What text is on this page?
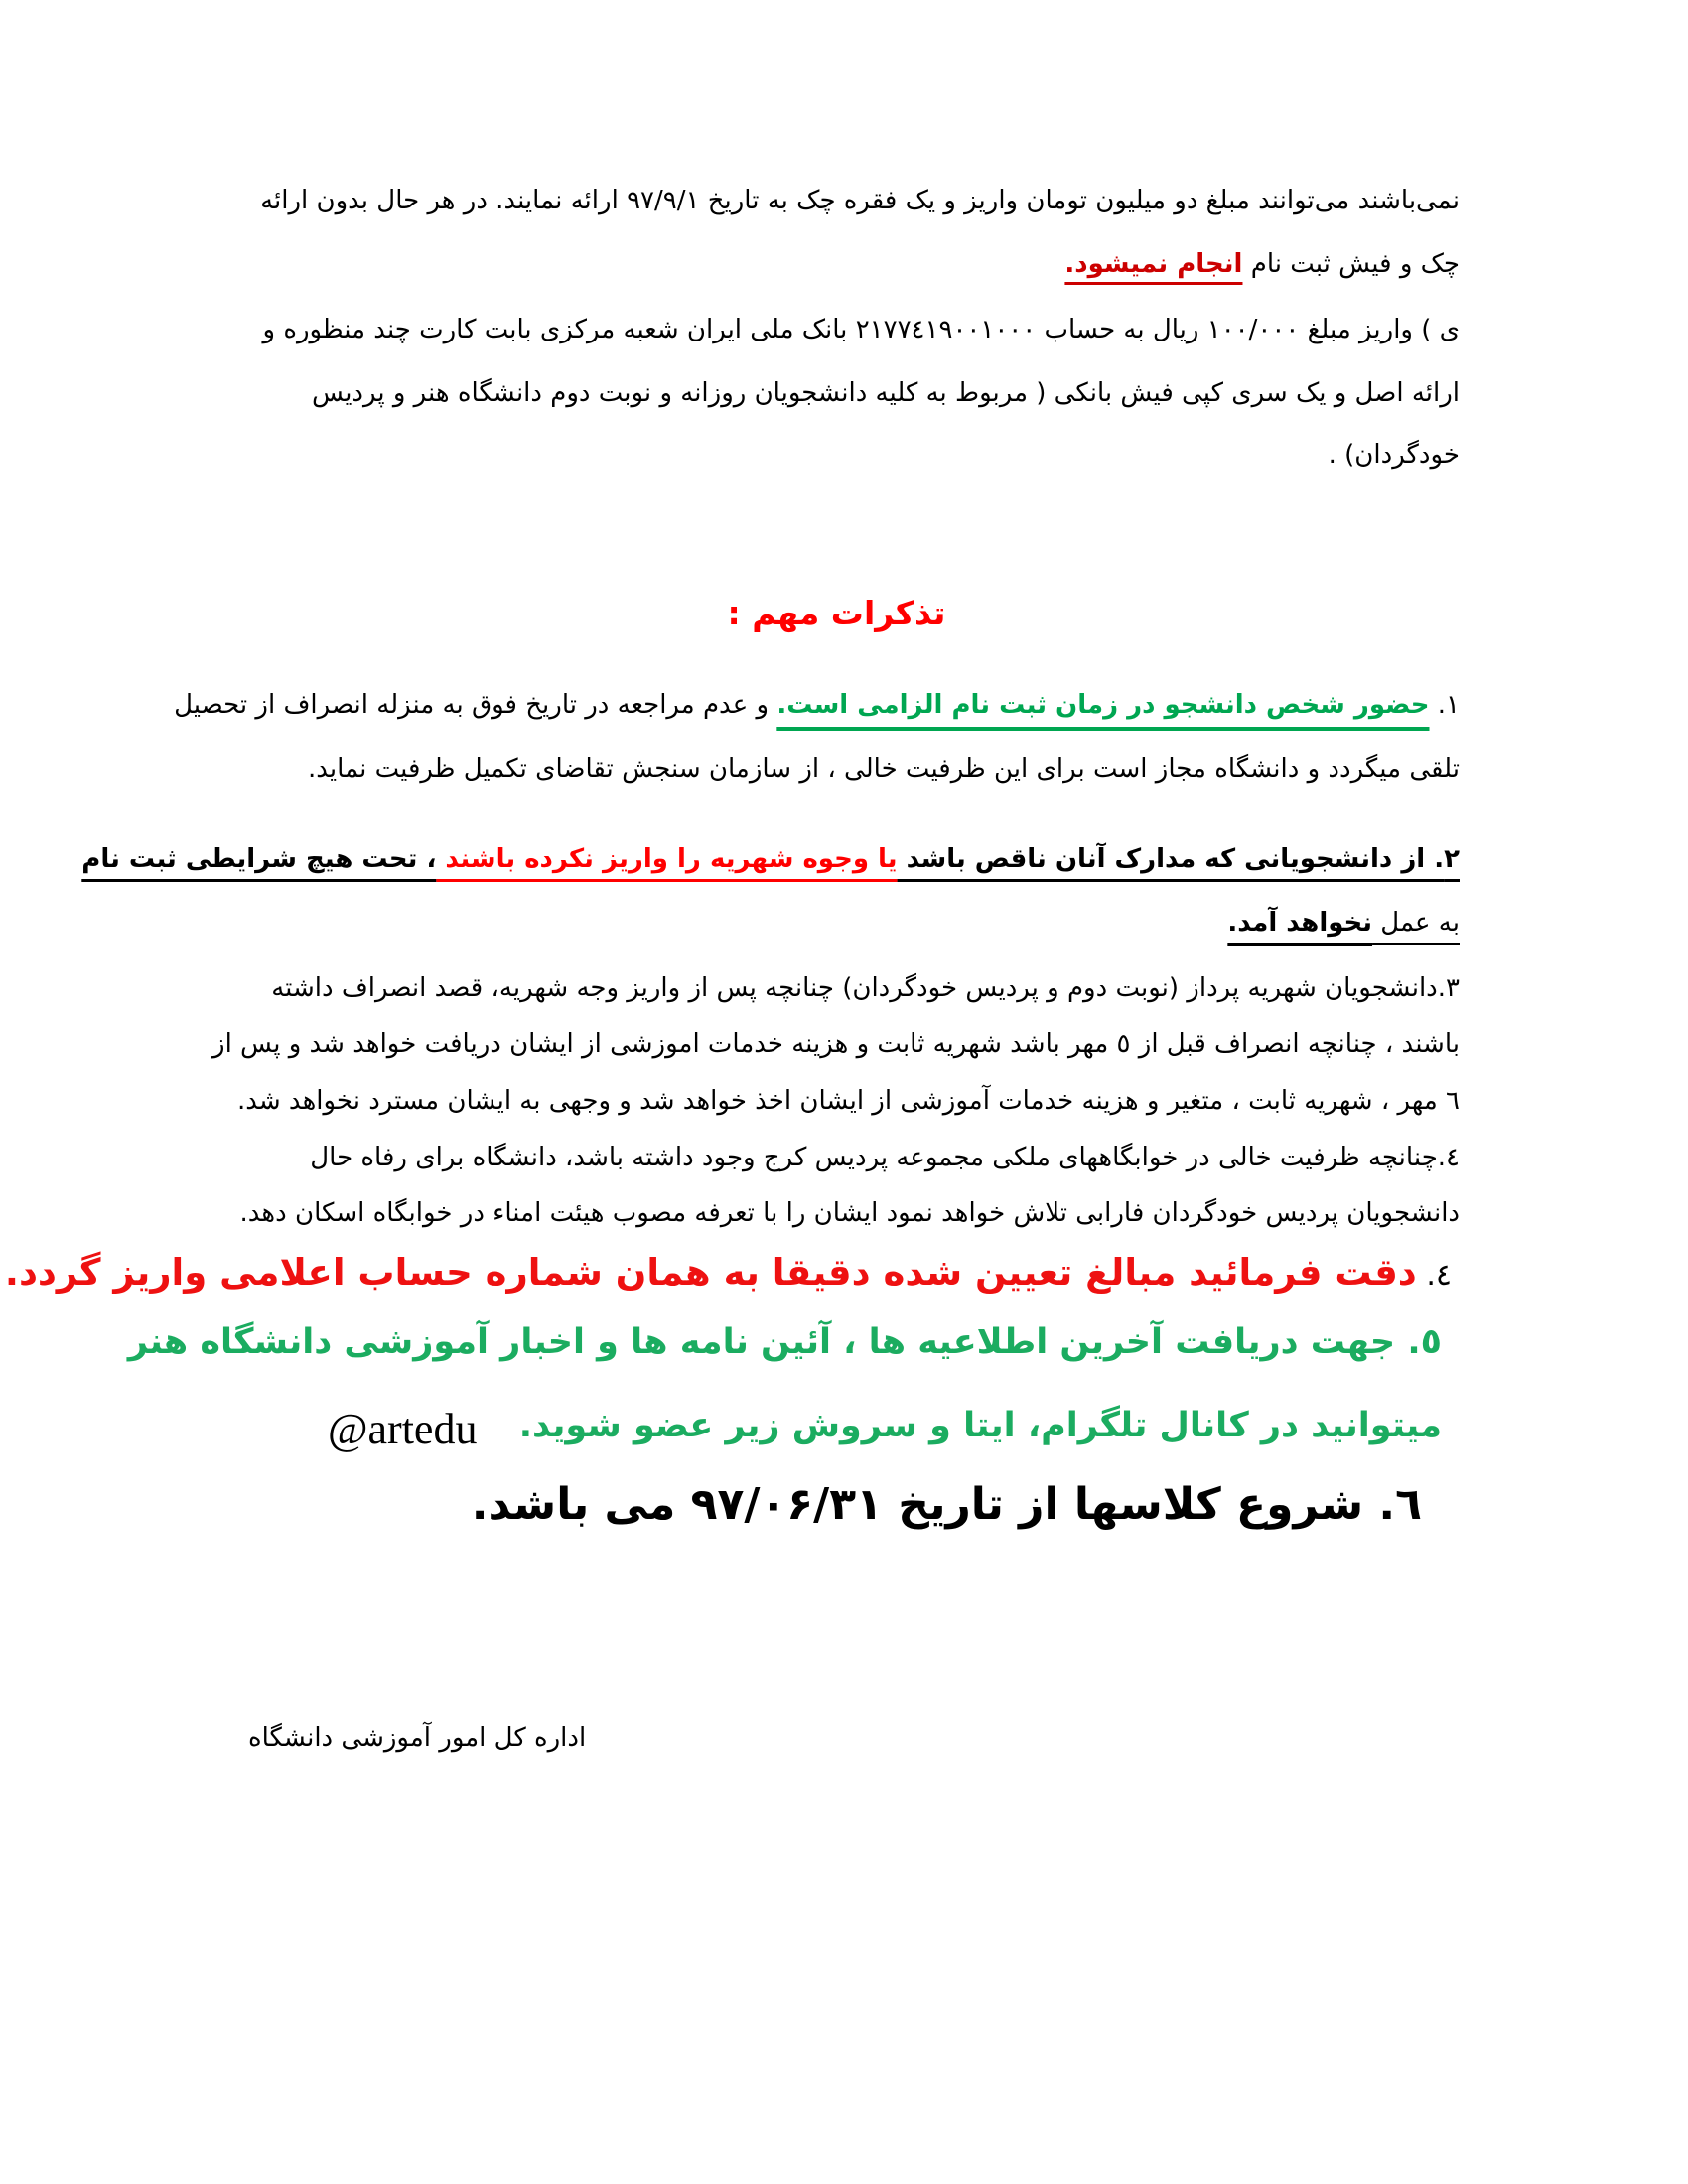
نمی‌باشند می‌توانند مبلغ دو میلیون تومان واریز و یک فقره چک به تاریخ ۹۷/۹/۱ ارائه نمایند. در هر حال بدون ارائه
چک و فیش ثبت نام انجام نمیشود.
ی ) واریز مبلغ ۱۰۰/۰۰۰ ریال به حساب ۲۱۷۷٤۱۹۰۰۱۰۰۰ بانک ملی ایران شعبه مرکزی بابت کارت چند منظوره و
ارائه اصل و یک سری کپی فیش بانکی ( مربوط به کلیه دانشجویان روزانه و نوبت دوم دانشگاه هنر و پردیس
خودگردان) .
تذکرات مهم :
۱. حضور شخص دانشجو در زمان ثبت نام الزامی است. و عدم مراجعه در تاریخ فوق به منزله انصراف از تحصیل
تلقی میگردد و دانشگاه مجاز است برای این ظرفیت خالی ، از سازمان سنجش تقاضای تکمیل ظرفیت نماید.
۲. از دانشجویانی که مدارک آنان ناقص باشد یا وجوه شهریه را واریز نکرده باشند ، تحت هیچ شرایطی ثبت نام
به عمل نخواهد آمد.
۳.دانشجویان شهریه پرداز (نوبت دوم و پردیس خودگردان) چنانچه پس از واریز وجه شهریه، قصد انصراف داشته
باشند ، چنانچه انصراف قبل از ٥ مهر باشد شهریه ثابت و هزینه خدمات اموزشی از ایشان دریافت خواهد شد و پس از
٦ مهر ، شهریه ثابت ، متغیر و هزینه خدمات آموزشی از ایشان اخذ خواهد شد و وجهی به ایشان مسترد نخواهد شد.
٤.چنانچه ظرفیت خالی در خوابگاههای ملکی مجموعه پردیس کرج وجود داشته باشد، دانشگاه برای رفاه حال
دانشجویان پردیس خودگردان فارابی تلاش خواهد نمود ایشان را با تعرفه مصوب هیئت امناء در خوابگاه اسکان دهد.
٤. دقت فرمائید مبالغ تعیین شده دقیقا به همان شماره حساب اعلامی واریز گردد.
٥. جهت دریافت آخرین اطلاعیه ها ، آئین نامه ها و اخبار آموزشی دانشگاه هنر
میتوانید در کانال تلگرام، ایتا و سروش زیر عضو شوید.
@artedu
٦. شروع کلاسها از تاریخ ۹۷/۰۶/۳۱ می باشد.
اداره کل امور آموزشی دانشگاه
